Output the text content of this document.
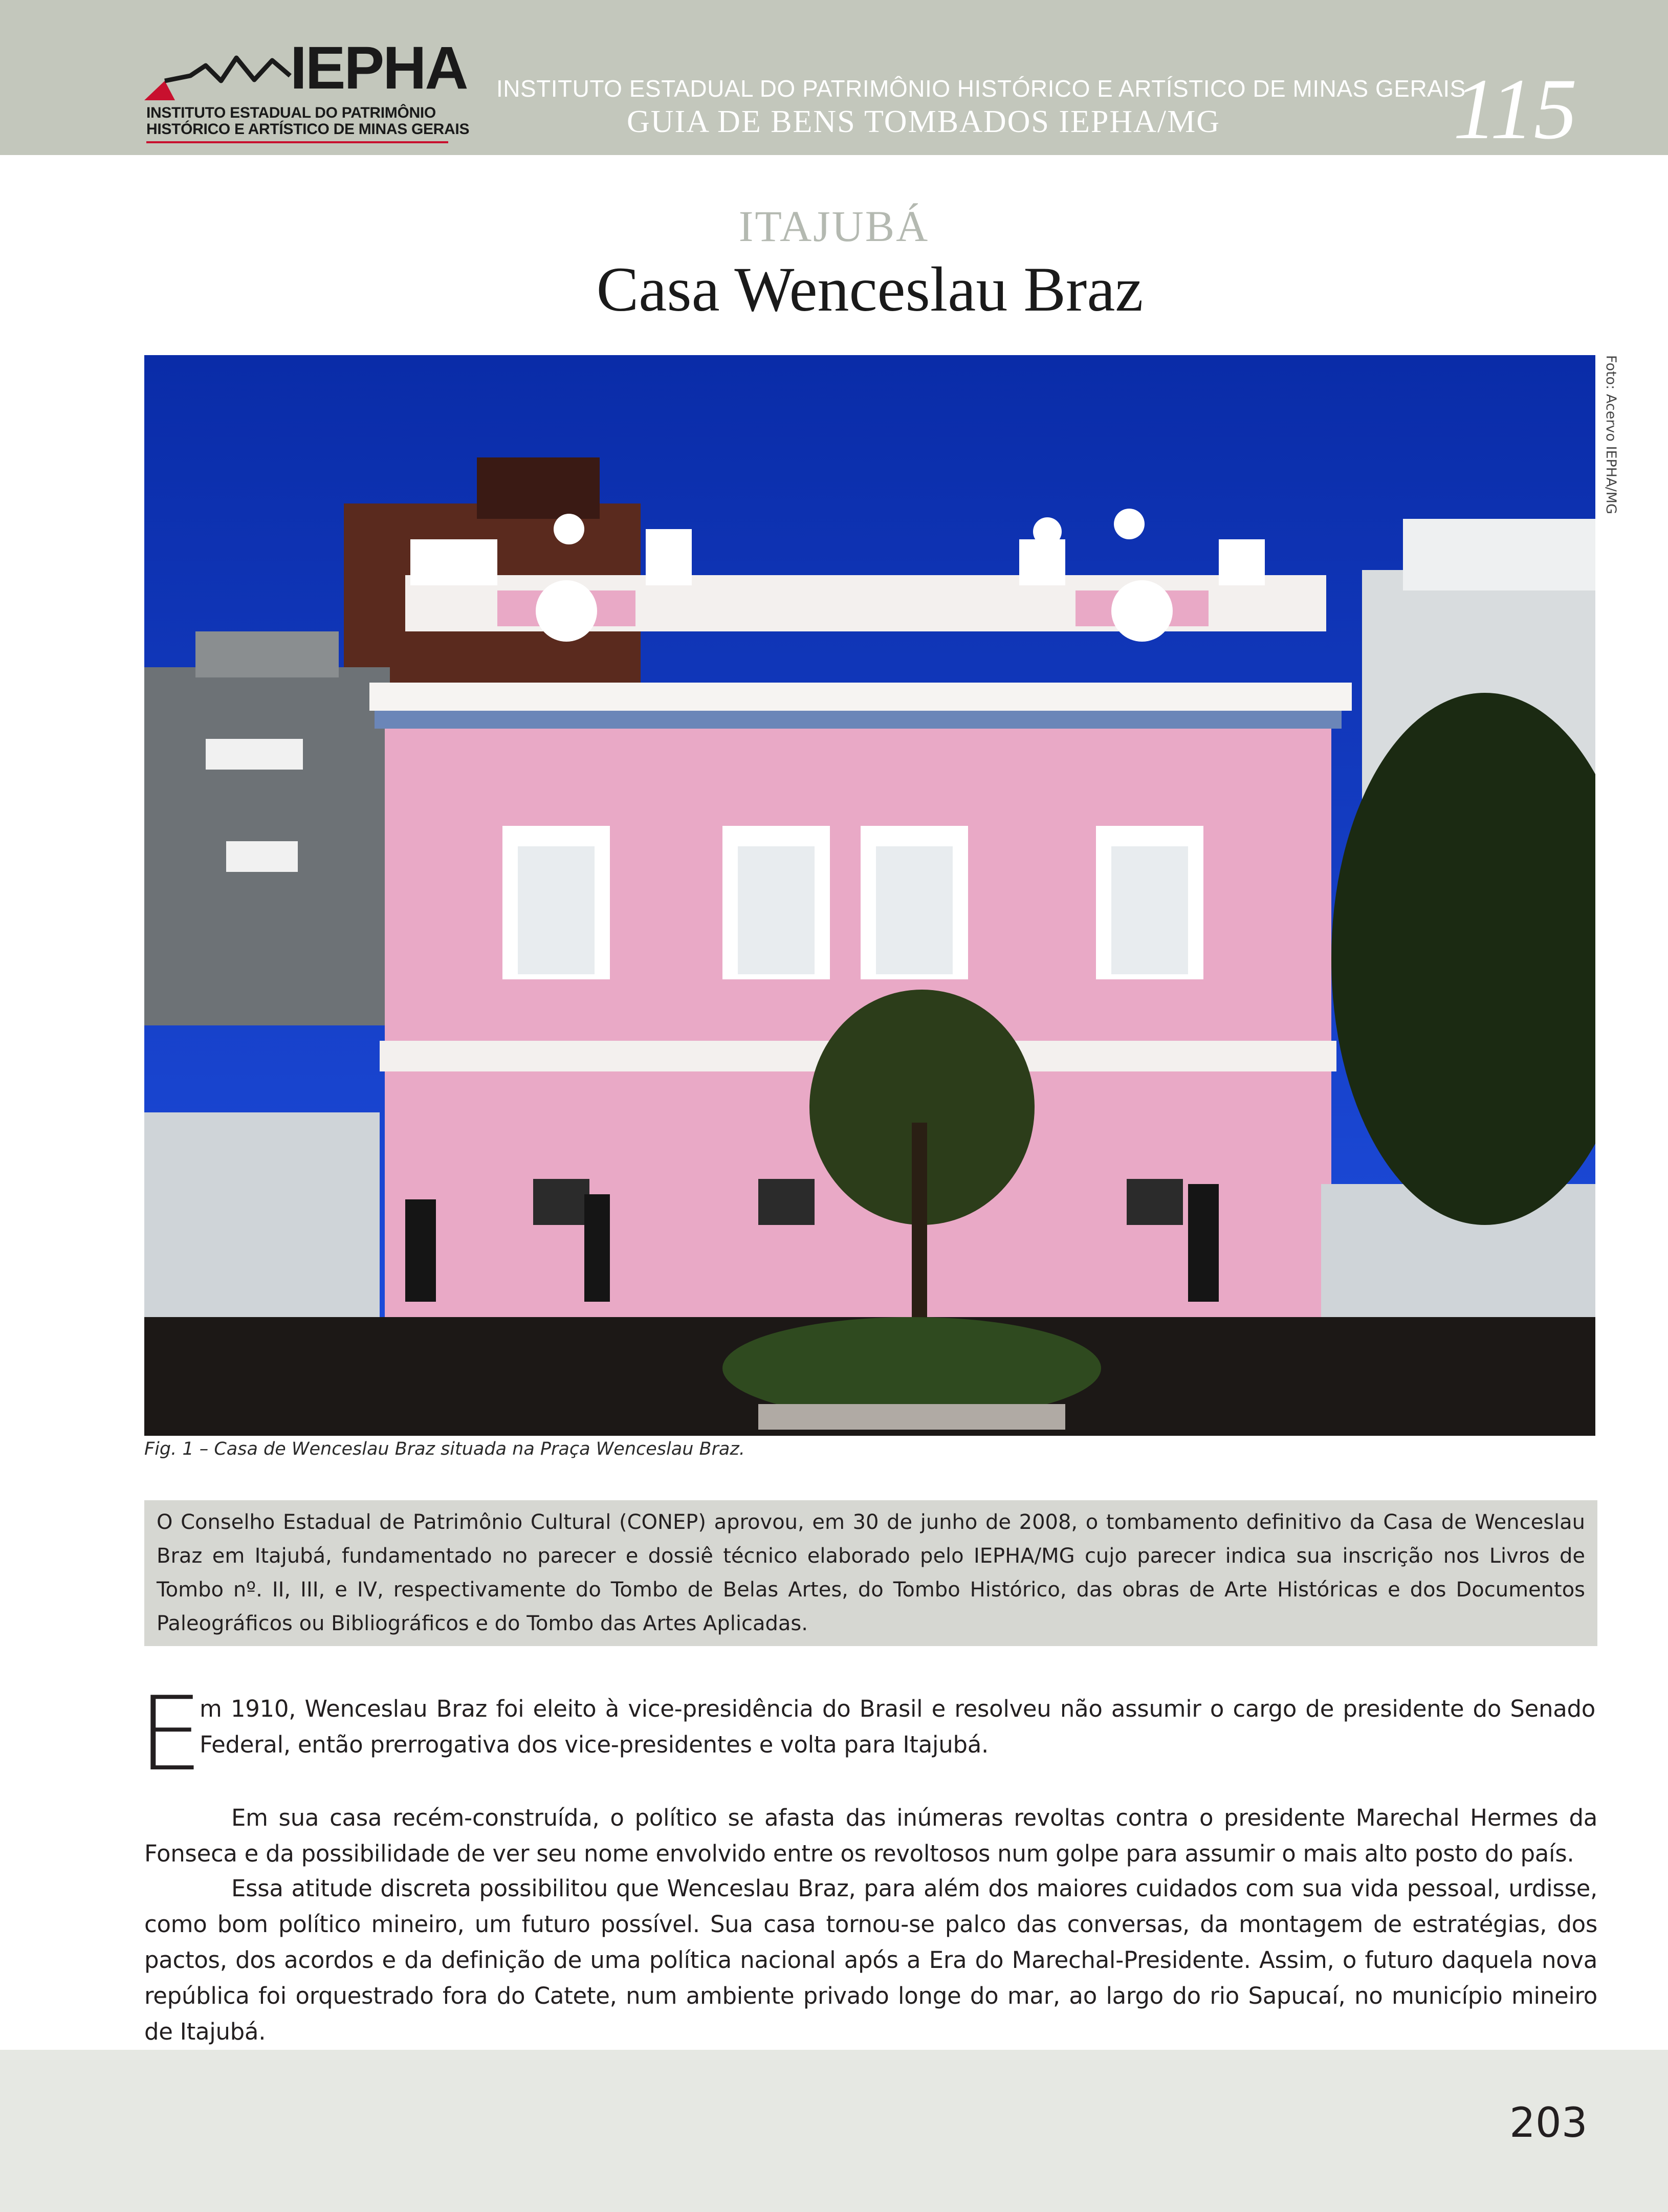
IEPHA
INSTITUTO ESTADUAL DO PATRIMÔNIO
HISTÓRICO E ARTÍSTICO DE MINAS GERAIS
INSTITUTO ESTADUAL DO PATRIMÔNIO HISTÓRICO E ARTÍSTICO DE MINAS GERAIS
GUIA DE BENS TOMBADOS IEPHA/MG	115
ITAJUBÁ
Casa Wenceslau Braz
Foto: Acervo IEPHA/MG
Fig. 1 – Casa de Wenceslau Braz situada na Praça Wenceslau Braz.

O Conselho Estadual de Patrimônio Cultural (CONEP) aprovou, em 30 de junho de 2008, o tombamento definitivo da Casa de Wenceslau Braz em Itajubá, fundamentado no parecer e dossiê técnico elaborado pelo IEPHA/MG cujo parecer indica sua inscrição nos Livros de Tombo nº. II, III, e IV, respectivamente do Tombo de Belas Artes, do Tombo Histórico, das obras de Arte Históricas e dos Documentos Paleográficos ou Bibliográficos e do Tombo das Artes Aplicadas.

E

m 1910, Wenceslau Braz foi eleito à vice-presidência do Brasil e resolveu não assumir o cargo de presidente do Senado Federal, então prerrogativa dos vice-presidentes e volta para Itajubá.

Em sua casa recém-construída, o político se afasta das inúmeras revoltas contra o presidente Marechal Hermes da Fonseca e da possibilidade de ver seu nome envolvido entre os revoltosos num golpe para assumir o mais alto posto do país.

Essa atitude discreta possibilitou que Wenceslau Braz, para além dos maiores cuidados com sua vida pessoal, urdisse, como bom político mineiro, um futuro possível. Sua casa tornou-se palco das conversas, da montagem de estratégias, dos pactos, dos acordos e da definição de uma política nacional após a Era do Marechal-Presidente. Assim, o futuro daquela nova república foi orquestrado fora do Catete, num ambiente privado longe do mar, ao largo do rio Sapucaí, no município mineiro de Itajubá.

203
